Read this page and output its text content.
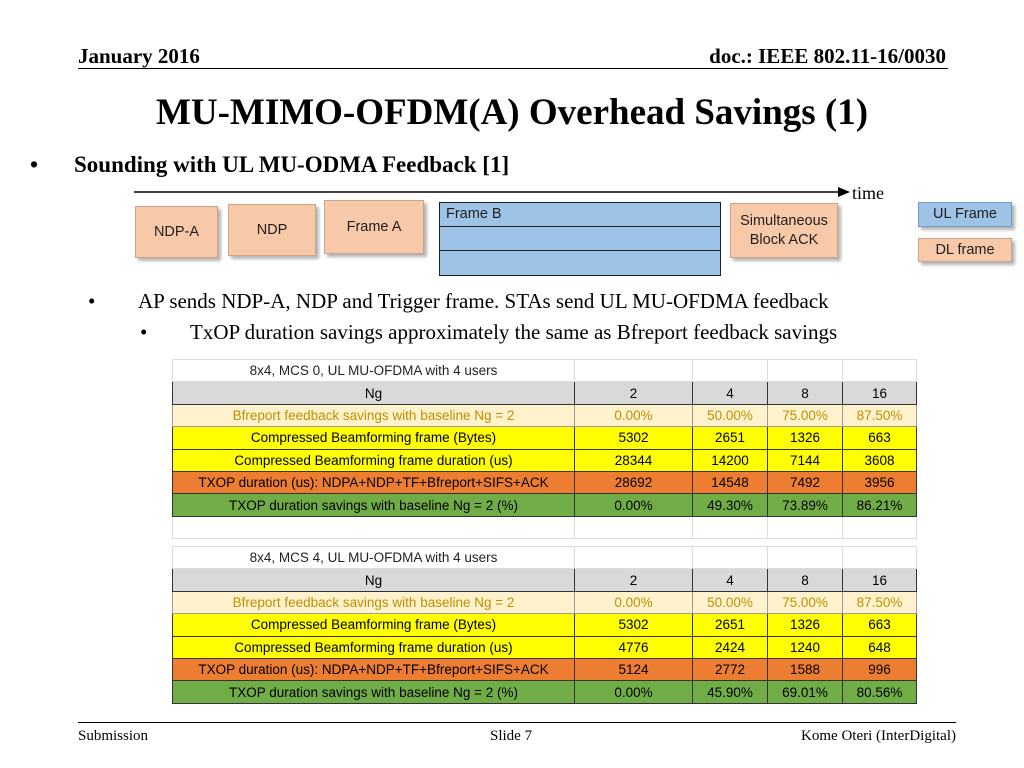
January 2016	doc.: IEEE 802.11-16/0030
MU-MIMO-OFDM(A) Overhead Savings (1)
• Sounding with UL MU-ODMA Feedback [1]
time
NDP-A	NDP	Frame A
Frame B	Simultaneous Block ACK
UL Frame
DL frame
• AP sends NDP-A, NDP and Trigger frame. STAs send UL MU-OFDMA feedback
• TxOP duration savings approximately the same as Bfreport feedback savings
8x4, MCS 0, UL MU-OFDMA with 4 users				
Ng	2	4	8	16
Bfreport feedback savings with baseline Ng = 2	0.00%	50.00%	75.00%	87.50%
Compressed Beamforming frame (Bytes)	5302	2651	1326	663
Compressed Beamforming frame duration (us)	28344	14200	7144	3608
TXOP duration (us): NDPA+NDP+TF+Bfreport+SIFS+ACK	28692	14548	7492	3956
TXOP duration savings with baseline Ng = 2 (%)	0.00%	49.30%	73.89%	86.21%

8x4, MCS 4, UL MU-OFDMA with 4 users				
Ng	2	4	8	16
Bfreport feedback savings with baseline Ng = 2	0.00%	50.00%	75.00%	87.50%
Compressed Beamforming frame (Bytes)	5302	2651	1326	663
Compressed Beamforming frame duration (us)	4776	2424	1240	648
TXOP duration (us): NDPA+NDP+TF+Bfreport+SIFS+ACK	5124	2772	1588	996
TXOP duration savings with baseline Ng = 2 (%)	0.00%	45.90%	69.01%	80.56%
Submission	Slide 7	Kome Oteri (InterDigital)
